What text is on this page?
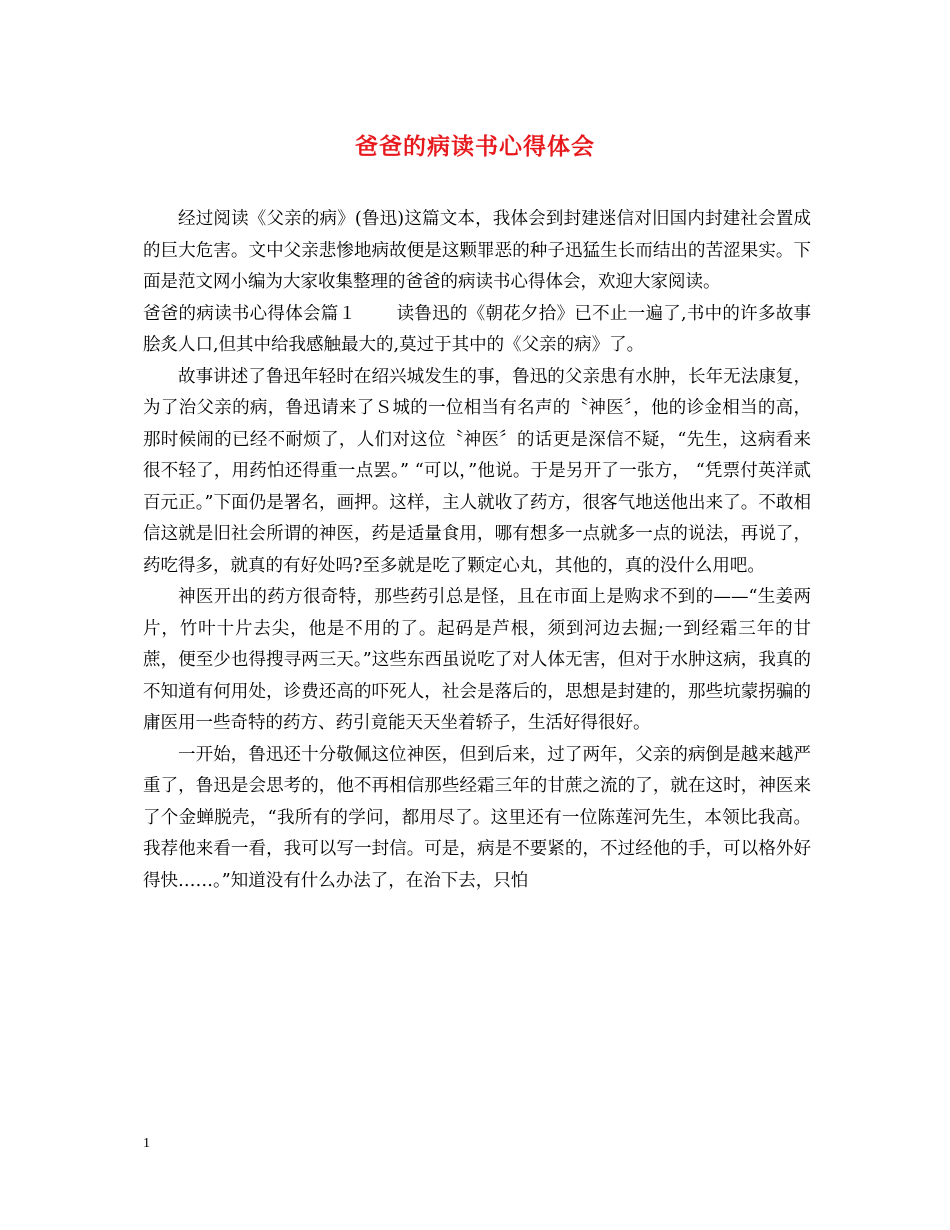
爸爸的病读书心得体会

经过阅读《父亲的病》(鲁迅)这篇文本，我体会到封建迷信对旧国内封建社会置成的巨大危害。文中父亲悲惨地病故便是这颗罪恶的种子迅猛生长而结出的苦涩果实。下面是范文网小编为大家收集整理的爸爸的病读书心得体会，欢迎大家阅读。

爸爸的病读书心得体会篇１ 读鲁迅的《朝花夕拾》已不止一遍了,书中的许多故事脍炙人口,但其中给我感触最大的,莫过于其中的《父亲的病》了。

故事讲述了鲁迅年轻时在绍兴城发生的事，鲁迅的父亲患有水肿，长年无法康复，为了治父亲的病，鲁迅请来了Ｓ城的一位相当有名声的〝神医〞，他的诊金相当的高，那时候闹的已经不耐烦了，人们对这位〝神医〞的话更是深信不疑，“先生，这病看来很不轻了，用药怕还得重一点罢。” “可以，”他说。于是另开了一张方， “凭票付英洋贰百元正。”下面仍是署名，画押。这样，主人就收了药方，很客气地送他出来了。不敢相信这就是旧社会所谓的神医，药是适量食用，哪有想多一点就多一点的说法，再说了，药吃得多，就真的有好处吗?至多就是吃了颗定心丸，其他的，真的没什么用吧。

神医开出的药方很奇特，那些药引总是怪，且在市面上是购求不到的——“生姜两片，竹叶十片去尖，他是不用的了。起码是芦根，须到河边去掘;一到经霜三年的甘蔗，便至少也得搜寻两三天。”这些东西虽说吃了对人体无害，但对于水肿这病，我真的不知道有何用处，诊费还高的吓死人，社会是落后的，思想是封建的，那些坑蒙拐骗的庸医用一些奇特的药方、药引竟能天天坐着轿子，生活好得很好。

一开始，鲁迅还十分敬佩这位神医，但到后来，过了两年，父亲的病倒是越来越严重了，鲁迅是会思考的，他不再相信那些经霜三年的甘蔗之流的了，就在这时，神医来了个金蝉脱壳，“我所有的学问，都用尽了。这里还有一位陈莲河先生，本领比我高。我荐他来看一看，我可以写一封信。可是，病是不要紧的，不过经他的手，可以格外好得快……。”知道没有什么办法了，在治下去，只怕

1
